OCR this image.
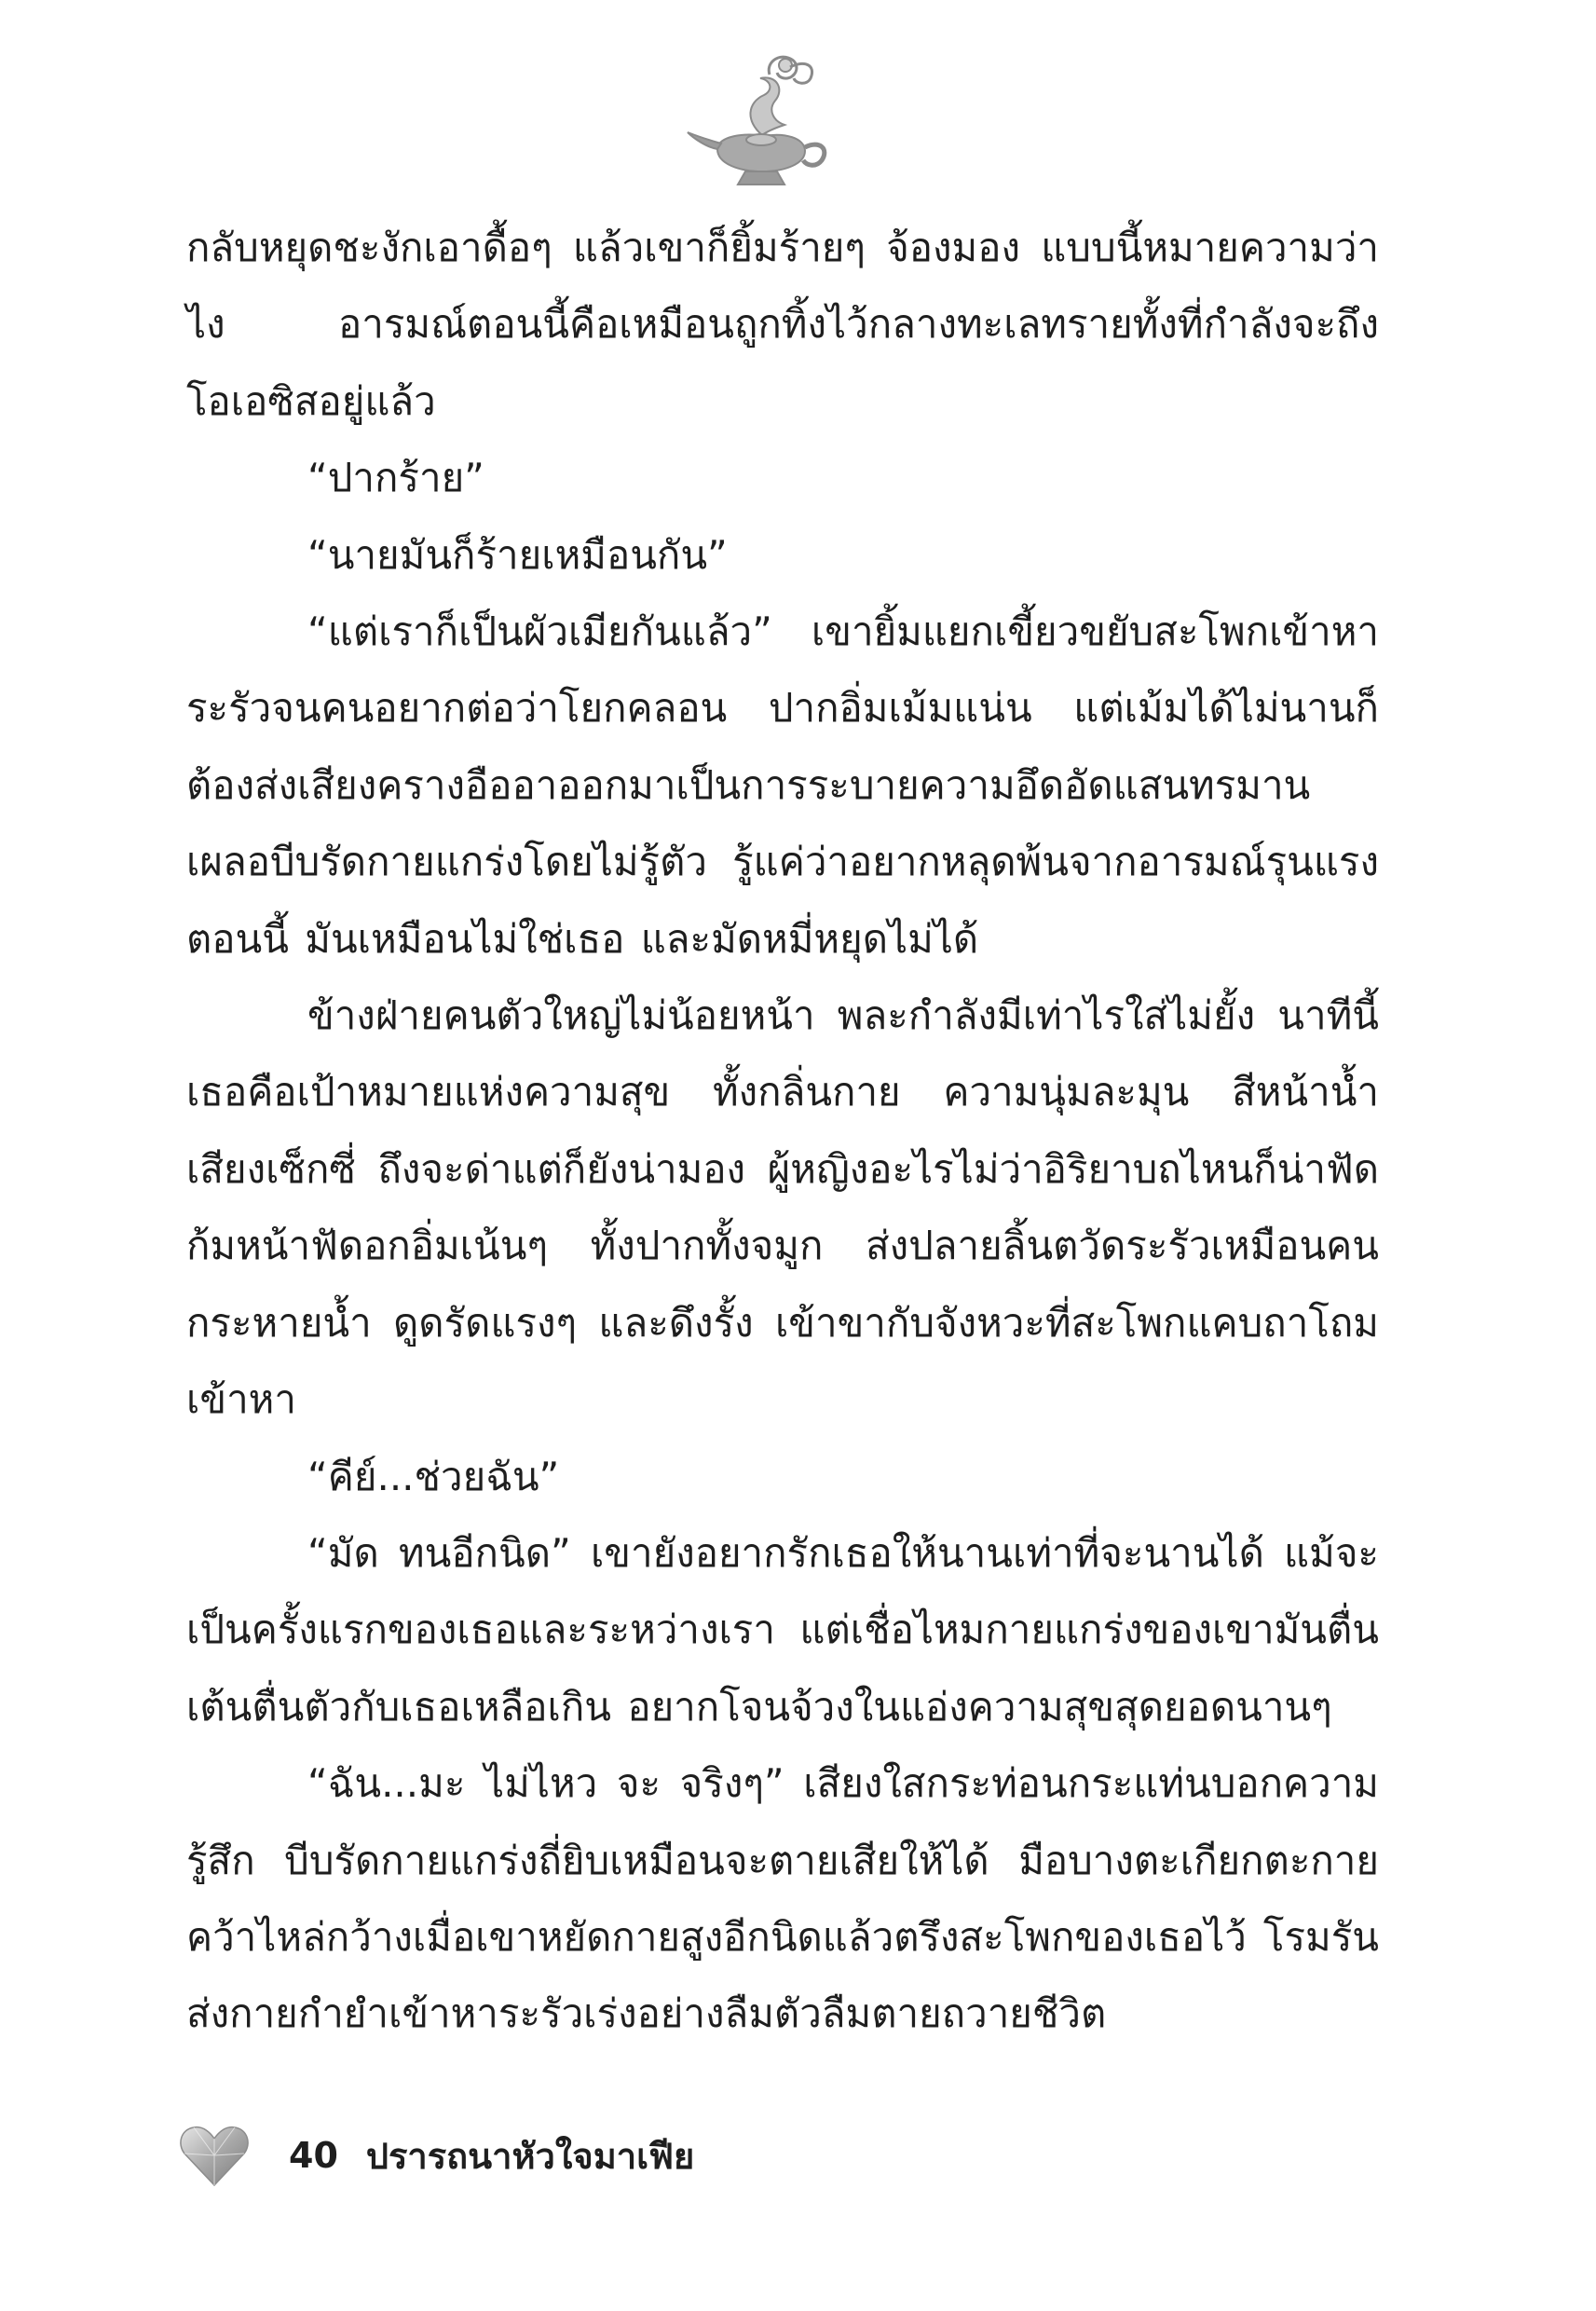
กลับหยุดชะงักเอาดื้อๆ แล้วเขาก็ยิ้มร้ายๆ จ้องมอง แบบนี้หมายความว่าไง อารมณ์ตอนนี้คือเหมือนถูกทิ้งไว้กลางทะเลทรายทั้งที่กำลังจะถึงโอเอซิสอยู่แล้ว

“ปากร้าย”

“นายมันก็ร้ายเหมือนกัน”

“แต่เราก็เป็นผัวเมียกันแล้ว” เขายิ้มแยกเขี้ยวขยับสะโพกเข้าหาระรัวจนคนอยากต่อว่าโยกคลอน ปากอิ่มเม้มแน่น แต่เม้มได้ไม่นานก็ต้องส่งเสียงครางอืออาออกมาเป็นการระบายความอึดอัดแสนทรมาน เผลอบีบรัดกายแกร่งโดยไม่รู้ตัว รู้แค่ว่าอยากหลุดพ้นจากอารมณ์รุนแรงตอนนี้ มันเหมือนไม่ใช่เธอ และมัดหมี่หยุดไม่ได้

ข้างฝ่ายคนตัวใหญ่ไม่น้อยหน้า พละกำลังมีเท่าไรใส่ไม่ยั้ง นาทีนี้เธอคือเป้าหมายแห่งความสุข ทั้งกลิ่นกาย ความนุ่มละมุน สีหน้าน้ำเสียงเซ็กซี่ ถึงจะด่าแต่ก็ยังน่ามอง ผู้หญิงอะไรไม่ว่าอิริยาบถไหนก็น่าฟัด ก้มหน้าฟัดอกอิ่มเน้นๆ ทั้งปากทั้งจมูก ส่งปลายลิ้นตวัดระรัวเหมือนคนกระหายน้ำ ดูดรัดแรงๆ และดึงรั้ง เข้าขากับจังหวะที่สะโพกแคบถาโถมเข้าหา

“คีย์...ช่วยฉัน”

“มัด ทนอีกนิด” เขายังอยากรักเธอให้นานเท่าที่จะนานได้ แม้จะเป็นครั้งแรกของเธอและระหว่างเรา แต่เชื่อไหมกายแกร่งของเขามันตื่นเต้นตื่นตัวกับเธอเหลือเกิน อยากโจนจ้วงในแอ่งความสุขสุดยอดนานๆ

“ฉัน...มะ ไม่ไหว จะ จริงๆ” เสียงใสกระท่อนกระแท่นบอกความรู้สึก บีบรัดกายแกร่งถี่ยิบเหมือนจะตายเสียให้ได้ มือบางตะเกียกตะกายคว้าไหล่กว้างเมื่อเขาหยัดกายสูงอีกนิดแล้วตรึงสะโพกของเธอไว้ โรมรันส่งกายกำยำเข้าหาระรัวเร่งอย่างลืมตัวลืมตายถวายชีวิต

40 ปรารถนาหัวใจมาเฟีย
